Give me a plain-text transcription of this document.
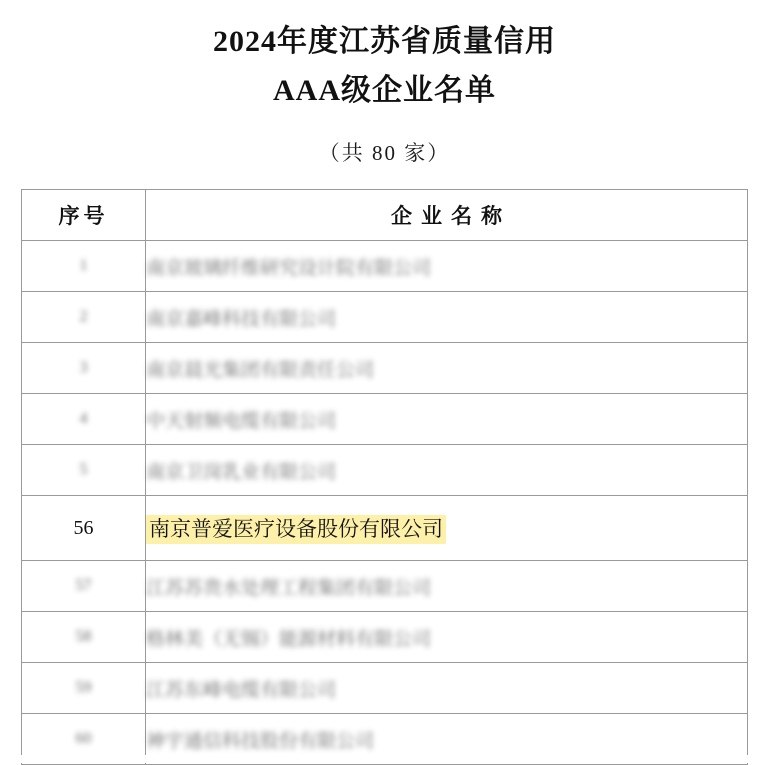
2024年度江苏省质量信用
AAA级企业名单
（共 80 家）
序号	企业名称
1	南京玻璃纤维研究设计院有限公司
2	南京嘉峰科技有限公司
3	南京晨光集团有限责任公司
4	中天射频电缆有限公司
5	南京卫岗乳业有限公司
56	南京普爱医疗设备股份有限公司
57	江苏苏贵水处理工程集团有限公司
58	格林美（无锡）能源材料有限公司
59	江苏东峰电缆有限公司
60	神宇通信科技股份有限公司
